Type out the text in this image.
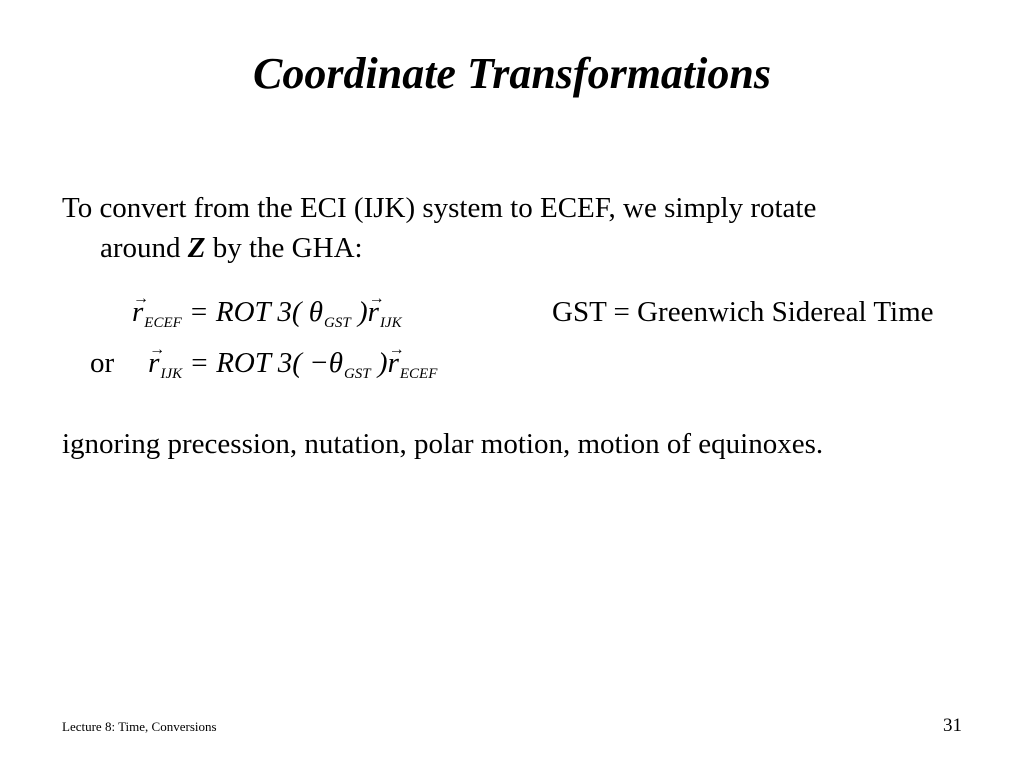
Coordinate Transformations
To convert from the ECI (IJK) system to ECEF, we simply rotate
around Z by the GHA:
→ $r_{ECEF}$ = ROT 3( $\theta_{GST}$ )→ $r_{IJK}$	GST = Greenwich Sidereal Time
$or\to r_{IJK}$ = ROT $3( -\theta_{GST}$ )→ $r_{ECEF}$
ignoring precession, nutation, polar motion, motion of equinoxes.
Lecture 8: Time, Conversions	31
